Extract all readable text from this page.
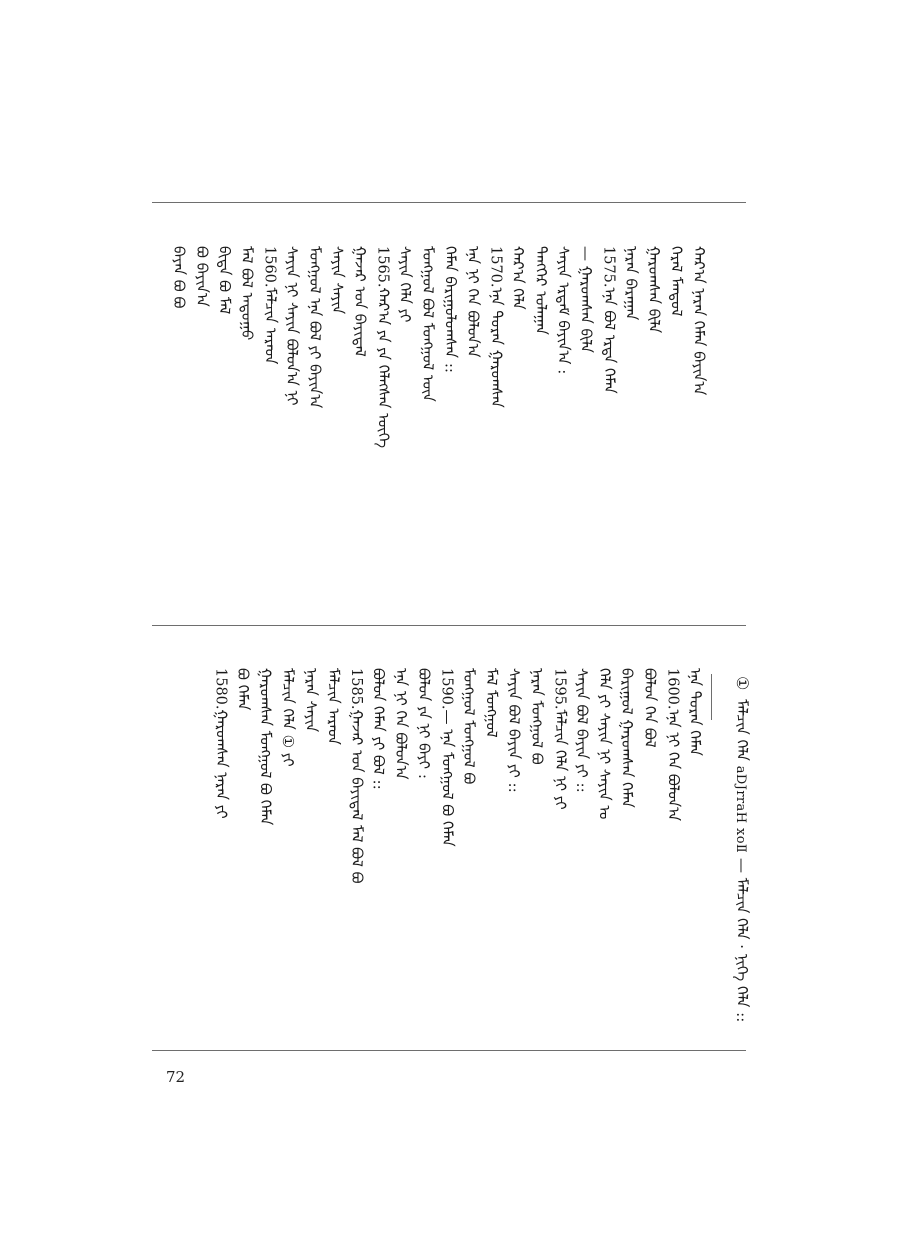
ᠬᠠᠷ᠎ᠠ ᠨᠠᠷᠠᠨ ᠬᠡᠮᠡᠨ ᠪᠠᠶᠢᠨ᠎ᠠ
ᠭᠡᠷᠡᠯ ᠮᠠᠨᠳᠤᠯ
ᠭᠠᠷᠤᠭᠰᠠᠨ ᠪᠢᠯᠡ
ᠨᠠᠷᠠᠨ ᠪᠠᠷᠠᠭᠠᠨ
1575.ᠡᠨᠡ ᠪᠣᠯ ᠡᠷᠲᠡ ᠬᠡᠮᠡᠨ
— ᠭᠠᠷᠤᠭᠰᠠᠨ ᠪᠢᠯᠡ
ᠰᠠᠶᠢᠨ ᠡᠷᠳᠡᠮ ᠪᠠᠶᠢᠨ᠎ᠠ :
ᠲᠡᠩᠭᠡᠷ ᠤᠯᠠᠭᠠᠨ
ᠬᠠᠷ᠎ᠠ ᠬᠡᠯᠡ
1570.ᠡᠨᠡ ᠳᠤᠷᠠᠨ ᠭᠠᠷᠤᠭᠰᠠᠨ
ᠡᠨᠡ ᠨᠢ ᠬᠡᠨ ᠪᠣᠯᠤᠨ᠎ᠠ
ᠬᠡᠮᠡᠨ ᠪᠠᠷᠢᠭᠤᠯᠤᠭᠰᠠᠨ ::
ᠮᠣᠩᠭᠣᠯ ᠪᠣᠯ ᠮᠣᠩᠭᠣᠯ ᠦᠨ
ᠰᠠᠶᠢᠨ ᠬᠡᠯᠡ ᠶᠢ
1565.ᠬᠠᠷ᠎ᠠ ᠶᠠ ᠶᠠ ᠬᠡᠯᠡᠭᠰᠡᠨ ᠦᠭᠡ
ᠭᠠᠵᠠᠷ ᠤᠨ ᠪᠠᠶᠢᠳᠠᠯ
ᠰᠠᠶᠢᠨ ᠰᠠᠶᠢᠨ
ᠮᠣᠩᠭᠣᠯ ᠡᠨᠡ ᠪᠣᠯ ᠶᠢ ᠪᠠᠶᠢᠨ᠎ᠠ
ᠰᠠᠶᠢᠨ ᠨᠢ ᠰᠠᠶᠢᠨ ᠪᠣᠯᠤᠨ᠎ᠠ ᠨᠢ
1560.ᠮᠠᠯᠴᠢᠨ ᠠᠷᠠᠳ
ᠮᠠᠯ ᠪᠣᠯ ᠠᠳᠤᠭᠤ
ᠪᠢᠳᠡ ᠪᠣ ᠮᠠᠯ
ᠪᠣ ᠪᠠᠶᠢᠨ᠎ᠠ
ᠪᠠᠶᠠᠨ ᠪᠣ ᠪᠣ
ᠡᠨᠡ ᠳᠤᠷᠠᠨ ᠬᠡᠮᠡᠨ
1600.ᠡᠨᠡ ᠨᠢ ᠬᠡᠨ ᠪᠣᠯᠤᠨ᠎ᠠ
ᠪᠣᠯᠤᠨ ᠬᠡᠨ ᠪᠣᠯ
ᠪᠠᠷᠢᠭᠤᠯ ᠭᠠᠷᠤᠭᠰᠠᠨ ᠬᠡᠮᠡᠨ
ᠬᠡᠯᠡ ᠶᠢ ᠰᠠᠶᠢᠨ ᠨᠢ ᠰᠠᠶᠢᠨ ᠤ
ᠰᠠᠶᠢᠨ ᠪᠣᠯ ᠪᠠᠶᠢᠨ ᠶᠢ ::
1595.ᠮᠠᠯᠴᠢᠨ ᠬᠡᠯᠡ ᠨᠢ ᠶᠢ
ᠨᠠᠷᠠᠨ ᠮᠣᠩᠭᠣᠯ ᠪᠣ
ᠰᠠᠶᠢᠨ ᠪᠣᠯ ᠪᠠᠶᠢᠨ ᠶᠢ ::
ᠮᠠᠯ ᠮᠣᠩᠭᠣᠯ
ᠮᠣᠩᠭᠣᠯ ᠮᠣᠩᠭᠣᠯ ᠪᠣ
1590.— ᠡᠨᠡ ᠮᠣᠩᠭᠣᠯ ᠪᠣ ᠬᠡᠮᠡᠨ
ᠪᠣᠯᠤᠨ ᠶᠠ ᠨᠢ ᠪᠠᠶᠢ :
ᠡᠨᠡ ᠨᠢ ᠬᠡᠨ ᠪᠣᠯᠤᠨ᠎ᠠ
ᠪᠣᠯᠤᠨ ᠬᠡᠮᠡᠨ ᠶᠢ ᠪᠣᠯ ::
1585.ᠭᠠᠵᠠᠷ ᠤᠨ ᠪᠠᠶᠢᠳᠠᠯ ᠮᠠᠯ ᠪᠣᠯ ᠪᠣ
ᠮᠠᠯᠴᠢᠨ ᠠᠷᠠᠳ
ᠨᠠᠷᠠᠨ ᠰᠠᠶᠢᠨ
ᠮᠠᠯᠴᠢᠨ ᠬᠡᠯᠡ ① ᠶᠢ
ᠭᠠᠷᠤᠭᠰᠠᠨ ᠮᠣᠩᠭᠣᠯ ᠪᠣ ᠬᠡᠮᠡᠨ
ᠪᠣ ᠬᠡᠮᠡᠨ
1580.ᠭᠠᠷᠤᠭᠰᠠᠨ ᠨᠠᠷᠠᠨ ᠶᠢ
① ᠮᠠᠯᠴᠢᠨ ᠬᠡᠯᠡ aDJrraH xoⅡ — ᠮᠠᠯᠴᠢᠨ ᠬᠡᠯᠡ · ᠨᠢᠭᠡ ᠬᠡᠯᠡ ::
72
